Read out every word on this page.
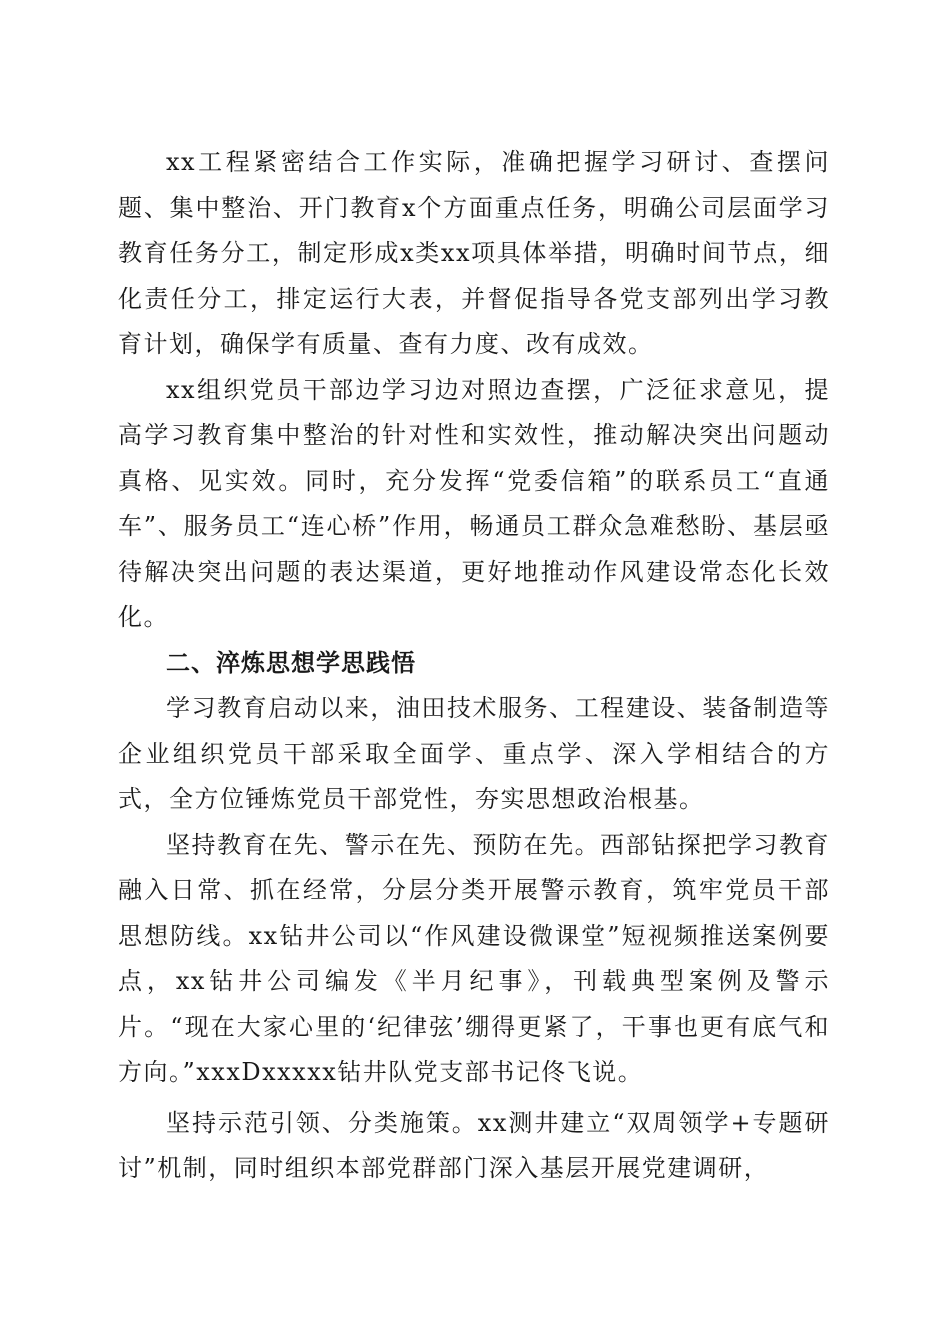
xx工程紧密结合工作实际，准确把握学习研讨、查摆问题、集中整治、开门教育x个方面重点任务，明确公司层面学习教育任务分工，制定形成x类xx项具体举措，明确时间节点，细化责任分工，排定运行大表，并督促指导各党支部列出学习教育计划，确保学有质量、查有力度、改有成效。

xx组织党员干部边学习边对照边查摆，广泛征求意见，提高学习教育集中整治的针对性和实效性，推动解决突出问题动真格、见实效。同时，充分发挥“党委信箱”的联系员工“直通车”、服务员工“连心桥”作用，畅通员工群众急难愁盼、基层亟待解决突出问题的表达渠道，更好地推动作风建设常态化长效化。

二、淬炼思想学思践悟

学习教育启动以来，油田技术服务、工程建设、装备制造等企业组织党员干部采取全面学、重点学、深入学相结合的方式，全方位锤炼党员干部党性，夯实思想政治根基。

坚持教育在先、警示在先、预防在先。西部钻探把学习教育融入日常、抓在经常，分层分类开展警示教育，筑牢党员干部思想防线。xx钻井公司以“作风建设微课堂”短视频推送案例要点，xx钻井公司编发《半月纪事》，刊载典型案例及警示片。“现在大家心里的‘纪律弦’绷得更紧了，干事也更有底气和方向。”xxxDxxxxx钻井队党支部书记佟飞说。

坚持示范引领、分类施策。xx测井建立“双周领学+专题研讨”机制，同时组织本部党群部门深入基层开展党建调研，
